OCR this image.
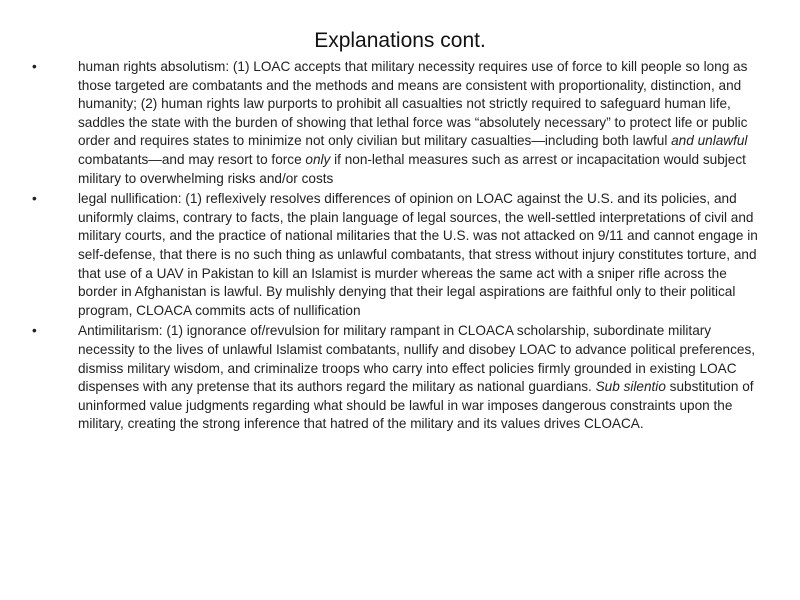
Explanations cont.
•	human rights absolutism: (1) LOAC accepts that military necessity requires use of force to kill people so long as those targeted are combatants and the methods and means are consistent with proportionality, distinction, and humanity; (2) human rights law purports to prohibit all casualties not strictly required to safeguard human life, saddles the state with the burden of showing that lethal force was “absolutely necessary” to protect life or public order and requires states to minimize not only civilian but military casualties—including both lawful and unlawful combatants—and may resort to force only if non-lethal measures such as arrest or incapacitation would subject military to overwhelming risks and/or costs
•	legal nullification: (1) reflexively resolves differences of opinion on LOAC against the U.S. and its policies, and uniformly claims, contrary to facts, the plain language of legal sources, the well-settled interpretations of civil and military courts, and the practice of national militaries that the U.S. was not attacked on 9/11 and cannot engage in self-defense, that there is no such thing as unlawful combatants, that stress without injury constitutes torture, and that use of a UAV in Pakistan to kill an Islamist is murder whereas the same act with a sniper rifle across the border in Afghanistan is lawful. By mulishly denying that their legal aspirations are faithful only to their political program, CLOACA commits acts of nullification
•	Antimilitarism: (1) ignorance of/revulsion for military rampant in CLOACA scholarship, subordinate military necessity to the lives of unlawful Islamist combatants, nullify and disobey LOAC to advance political preferences, dismiss military wisdom, and criminalize troops who carry into effect policies firmly grounded in existing LOAC dispenses with any pretense that its authors regard the military as national guardians. Sub silentio substitution of uninformed value judgments regarding what should be lawful in war imposes dangerous constraints upon the military, creating the strong inference that hatred of the military and its values drives CLOACA.
